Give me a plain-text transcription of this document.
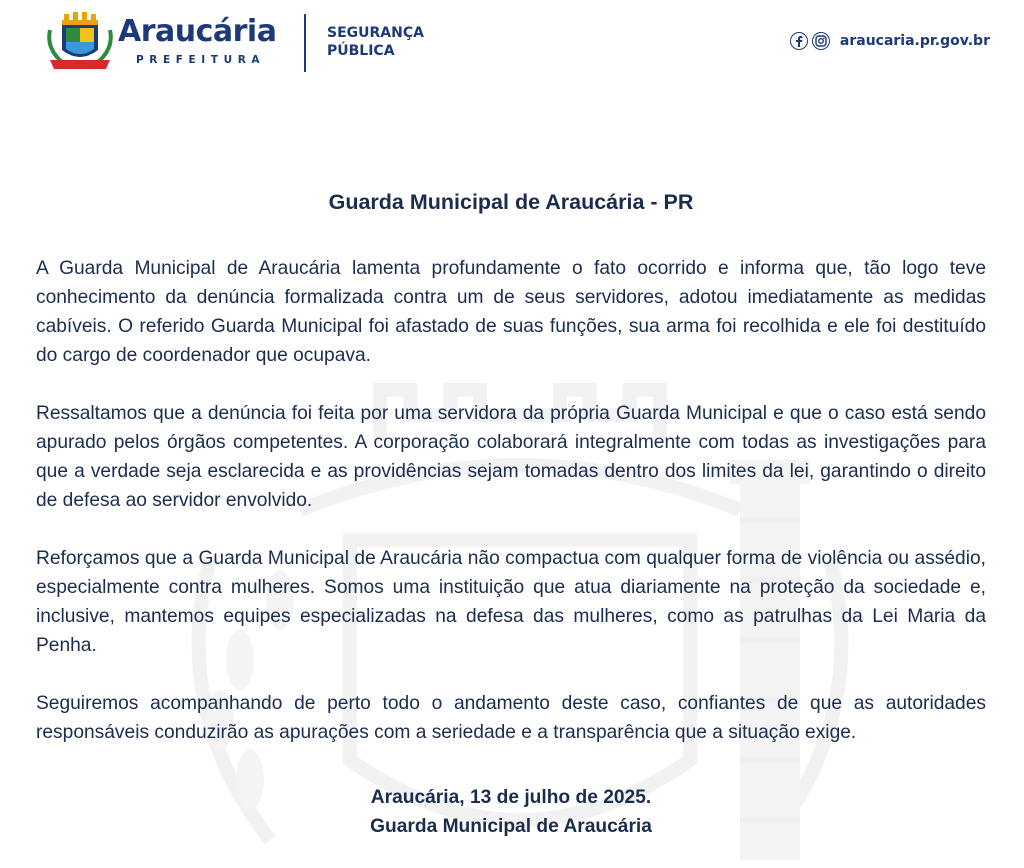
Araucária
PREFEITURA
SEGURANÇA
PÚBLICA
araucaria.pr.gov.br
Guarda Municipal de Araucária - PR

A Guarda Municipal de Araucária lamenta profundamente o fato ocorrido e informa que, tão logo teve conhecimento da denúncia formalizada contra um de seus servidores, adotou imediatamente as medidas cabíveis. O referido Guarda Municipal foi afastado de suas funções, sua arma foi recolhida e ele foi destituído do cargo de coordenador que ocupava.

Ressaltamos que a denúncia foi feita por uma servidora da própria Guarda Municipal e que o caso está sendo apurado pelos órgãos competentes. A corporação colaborará integralmente com todas as investigações para que a verdade seja esclarecida e as providências sejam tomadas dentro dos limites da lei, garantindo o direito de defesa ao servidor envolvido.

Reforçamos que a Guarda Municipal de Araucária não compactua com qualquer forma de violência ou assédio, especialmente contra mulheres. Somos uma instituição que atua diariamente na proteção da sociedade e, inclusive, mantemos equipes especializadas na defesa das mulheres, como as patrulhas da Lei Maria da Penha.

Seguiremos acompanhando de perto todo o andamento deste caso, confiantes de que as autoridades responsáveis conduzirão as apurações com a seriedade e a transparência que a situação exige.

Araucária, 13 de julho de 2025.
Guarda Municipal de Araucária
